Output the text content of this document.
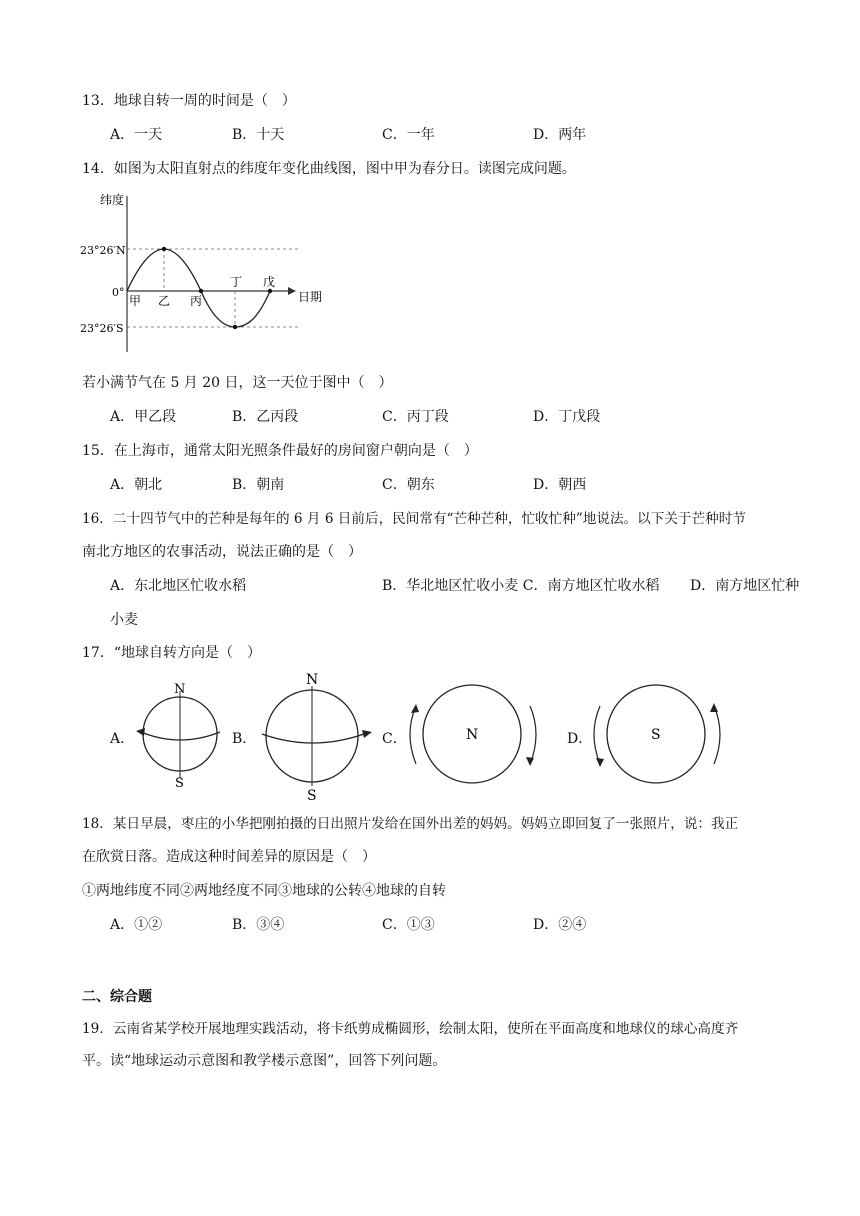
13．地球自转一周的时间是（　）
A．一天	B．十天	C．一年	D．两年
14．如图为太阳直射点的纬度年变化曲线图，图中甲为春分日。读图完成问题。
纬度
23°26′N
0°
23°26′S
日期
甲 乙 丙
丁 戊
若小满节气在 5 月 20 日，这一天位于图中（　）
A．甲乙段	B．乙丙段	C．丙丁段	D．丁戊段
15．在上海市，通常太阳光照条件最好的房间窗户朝向是（　）
A．朝北	B．朝南	C．朝东	D．朝西
16．二十四节气中的芒种是每年的 6 月 6 日前后，民间常有“芒种芒种，忙收忙种”地说法。以下关于芒种时节
南北方地区的农事活动，说法正确的是（　）
A．东北地区忙收水稻	B．华北地区忙收小麦 C．南方地区忙收水稻 D．南方地区忙种
小麦
17．“地球自转方向是（　）
A．	B．	C．	D．
N
S
N
S
N	S
18．某日早晨，枣庄的小华把刚拍摄的日出照片发给在国外出差的妈妈。妈妈立即回复了一张照片，说：我正
在欣赏日落。造成这种时间差异的原因是（　）
①两地纬度不同②两地经度不同③地球的公转④地球的自转
A．①②	B．③④	C．①③	D．②④
二、综合题
19．云南省某学校开展地理实践活动，将卡纸剪成椭圆形，绘制太阳，使所在平面高度和地球仪的球心高度齐
平。读“地球运动示意图和教学楼示意图”，回答下列问题。
